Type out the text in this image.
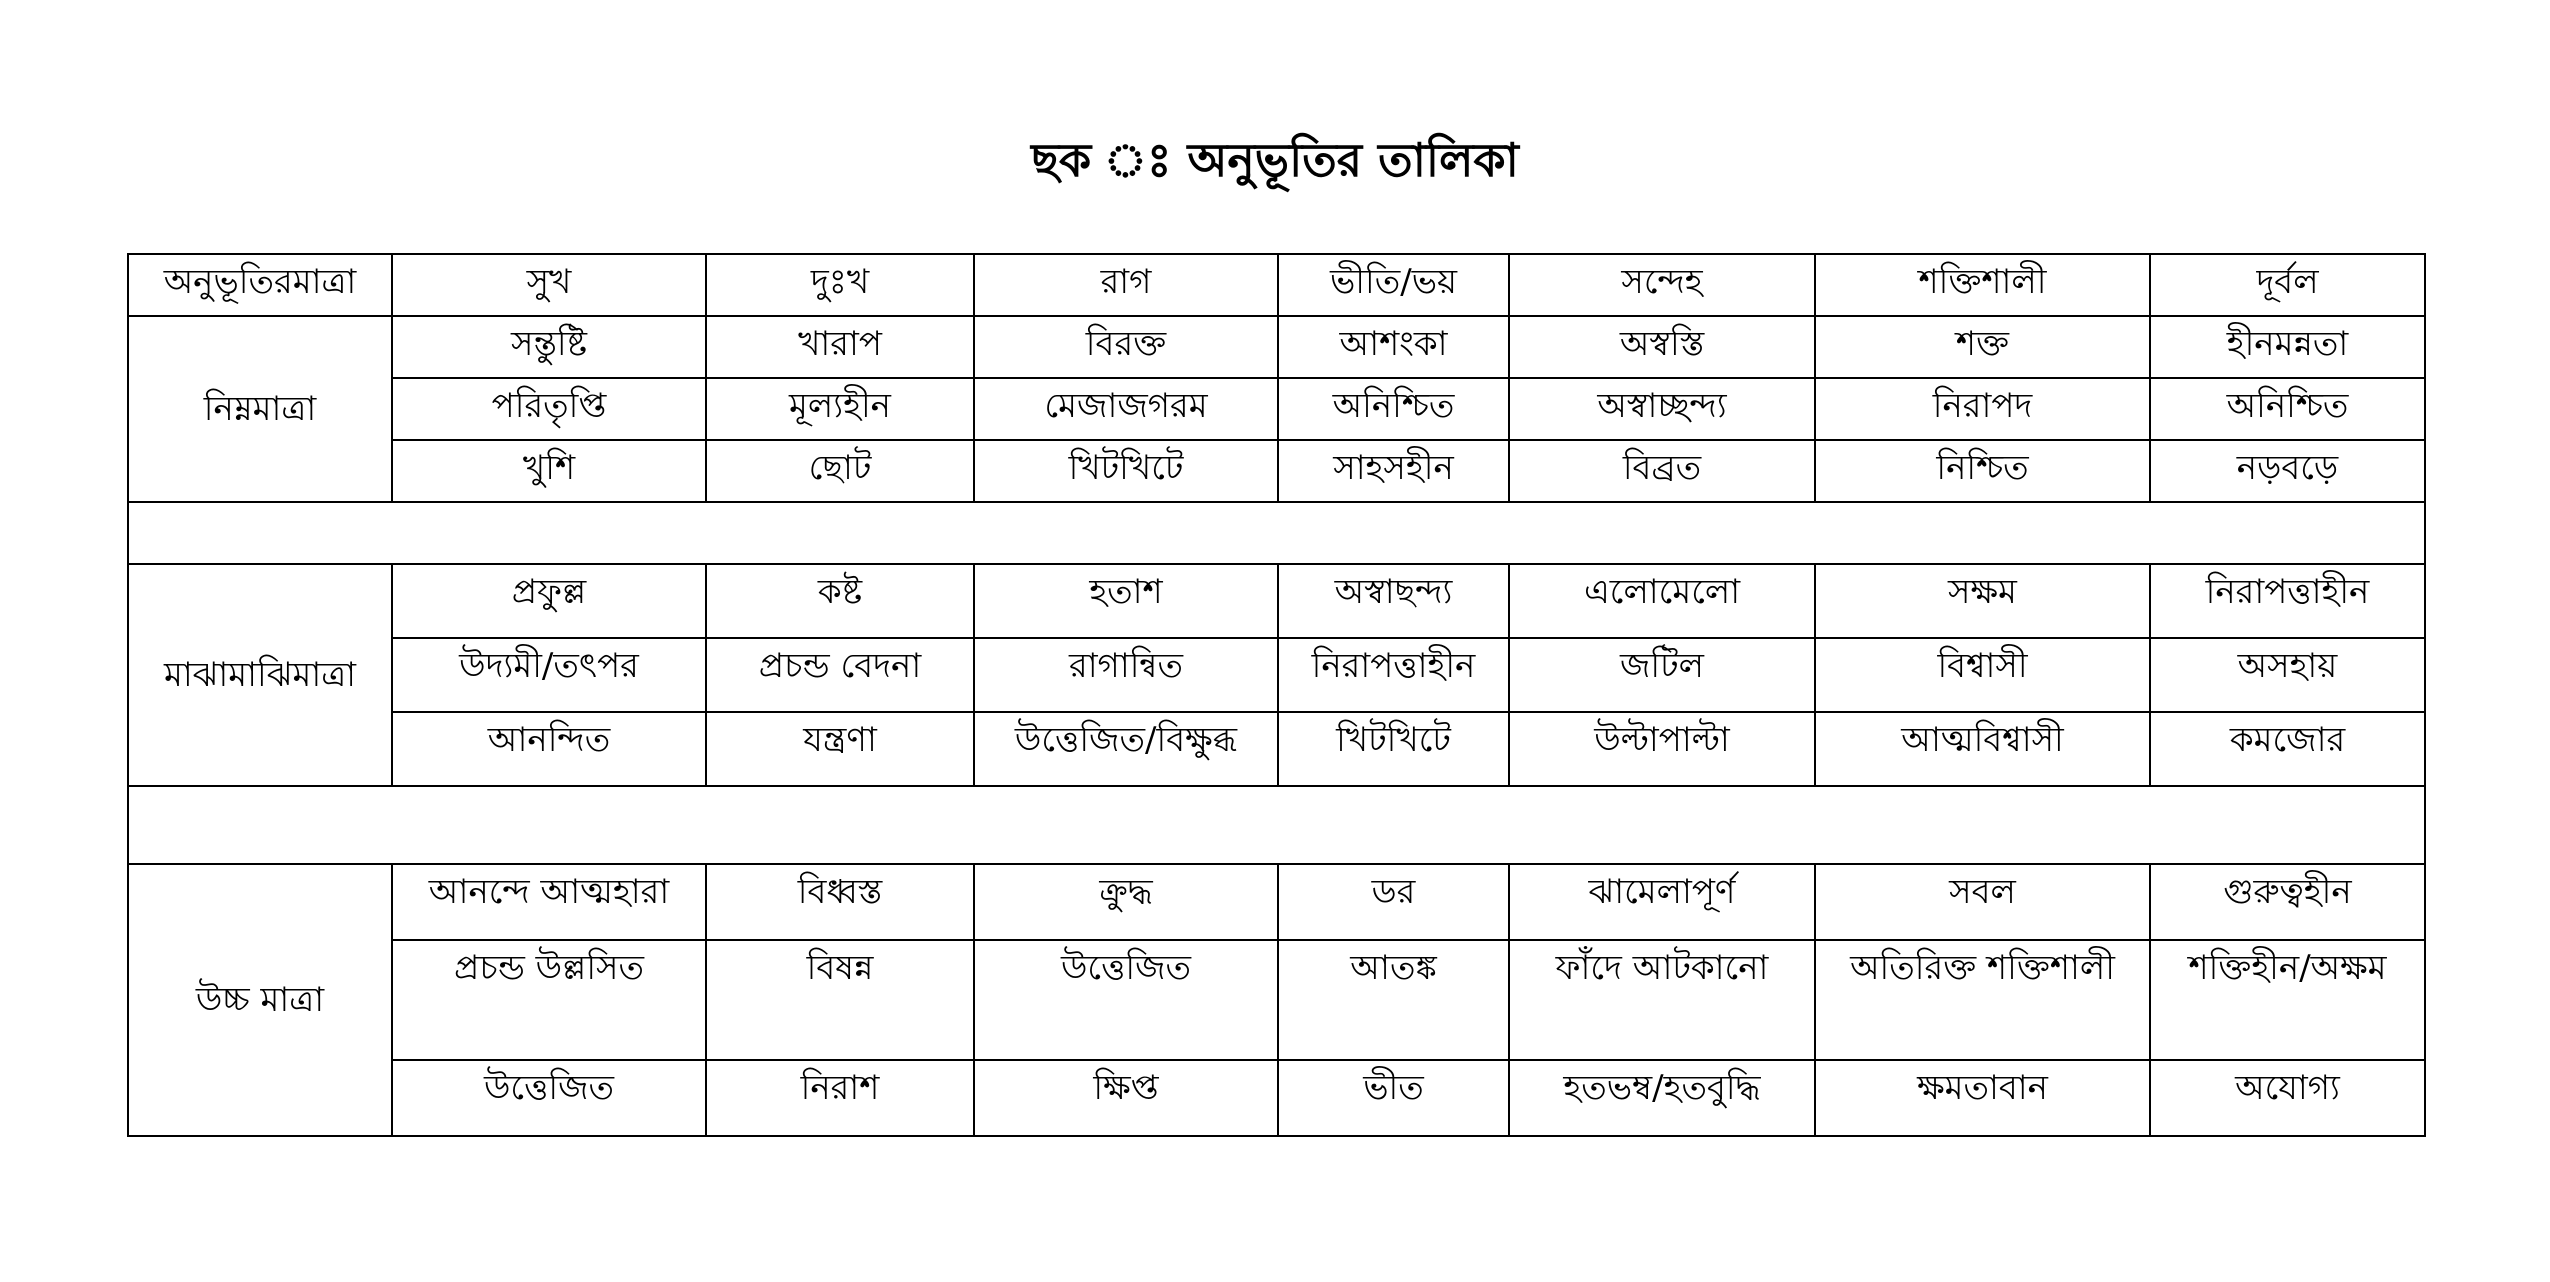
ছক ঃ অনুভূতির তালিকা
অনুভূতিরমাত্রা	সুখ	দুঃখ	রাগ	ভীতি/ভয়	সন্দেহ	শক্তিশালী	দূর্বল
নিম্নমাত্রা	সন্তুষ্টি	খারাপ	বিরক্ত	আশংকা	অস্বস্তি	শক্ত	হীনমন্নতা
	পরিতৃপ্তি	মূল্যহীন	মেজাজগরম	অনিশ্চিত	অস্বাচ্ছন্দ্য	নিরাপদ	অনিশ্চিত
	খুশি	ছোট	খিটখিটে	সাহসহীন	বিব্রত	নিশ্চিত	নড়বড়ে

মাঝামাঝিমাত্রা	প্রফুল্ল	কষ্ট	হতাশ	অস্বাছন্দ্য	এলোমেলো	সক্ষম	নিরাপত্তাহীন
	উদ্যমী/তৎপর	প্রচন্ড বেদনা	রাগান্বিত	নিরাপত্তাহীন	জটিল	বিশ্বাসী	অসহায়
	আনন্দিত	যন্ত্রণা	উত্তেজিত/বিক্ষুব্ধ	খিটখিটে	উল্টাপাল্টা	আত্মবিশ্বাসী	কমজোর

উচ্চ মাত্রা	আনন্দে আত্মহারা	বিধ্বস্ত	ক্রুদ্ধ	ডর	ঝামেলাপূর্ণ	সবল	গুরুত্বহীন
	প্রচন্ড উল্লসিত	বিষন্ন	উত্তেজিত	আতঙ্ক	ফাঁদে আটকানো	অতিরিক্ত শক্তিশালী	শক্তিহীন/অক্ষম
	উত্তেজিত	নিরাশ	ক্ষিপ্ত	ভীত	হতভম্ব/হতবুদ্ধি	ক্ষমতাবান	অযোগ্য
